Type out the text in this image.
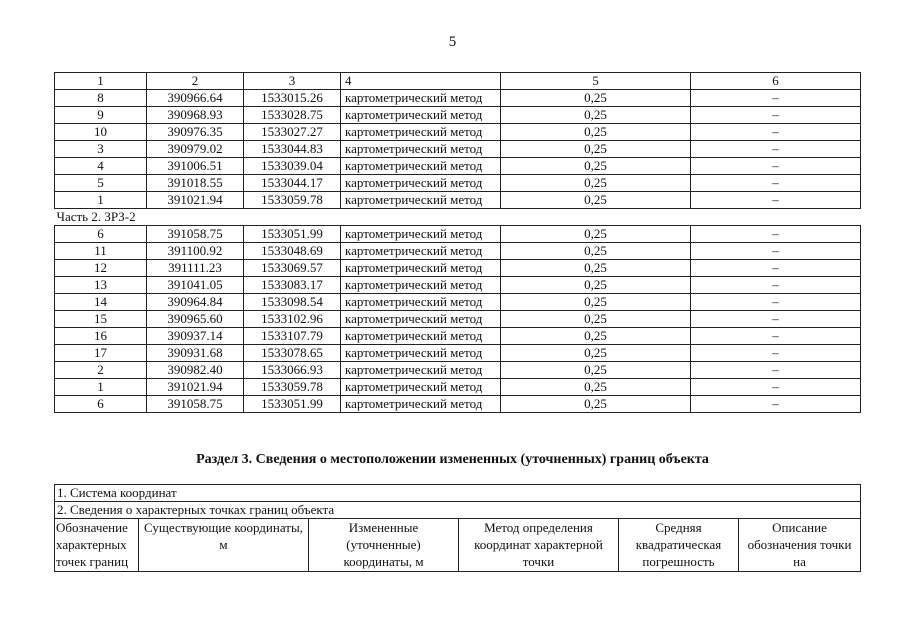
5
1	2	3	4	5	6
8	390966.64	1533015.26	картометрический метод	0,25	–
9	390968.93	1533028.75	картометрический метод	0,25	–
10	390976.35	1533027.27	картометрический метод	0,25	–
3	390979.02	1533044.83	картометрический метод	0,25	–
4	391006.51	1533039.04	картометрический метод	0,25	–
5	391018.55	1533044.17	картометрический метод	0,25	–
1	391021.94	1533059.78	картометрический метод	0,25	–
Часть 2. ЗРЗ-2					
6	391058.75	1533051.99	картометрический метод	0,25	–
11	391100.92	1533048.69	картометрический метод	0,25	–
12	391111.23	1533069.57	картометрический метод	0,25	–
13	391041.05	1533083.17	картометрический метод	0,25	–
14	390964.84	1533098.54	картометрический метод	0,25	–
15	390965.60	1533102.96	картометрический метод	0,25	–
16	390937.14	1533107.79	картометрический метод	0,25	–
17	390931.68	1533078.65	картометрический метод	0,25	–
2	390982.40	1533066.93	картометрический метод	0,25	–
1	391021.94	1533059.78	картометрический метод	0,25	–
6	391058.75	1533051.99	картометрический метод	0,25	–
Раздел 3. Сведения о местоположении измененных (уточненных) границ объекта
1. Система координат
2. Сведения о характерных точках границ объекта
Обозначение характерных точек границ	Существующие координаты, м	Измененные (уточненные) координаты, м	Метод определения координат характерной точки	Средняя квадратическая погрешность	Описание обозначения точки на
